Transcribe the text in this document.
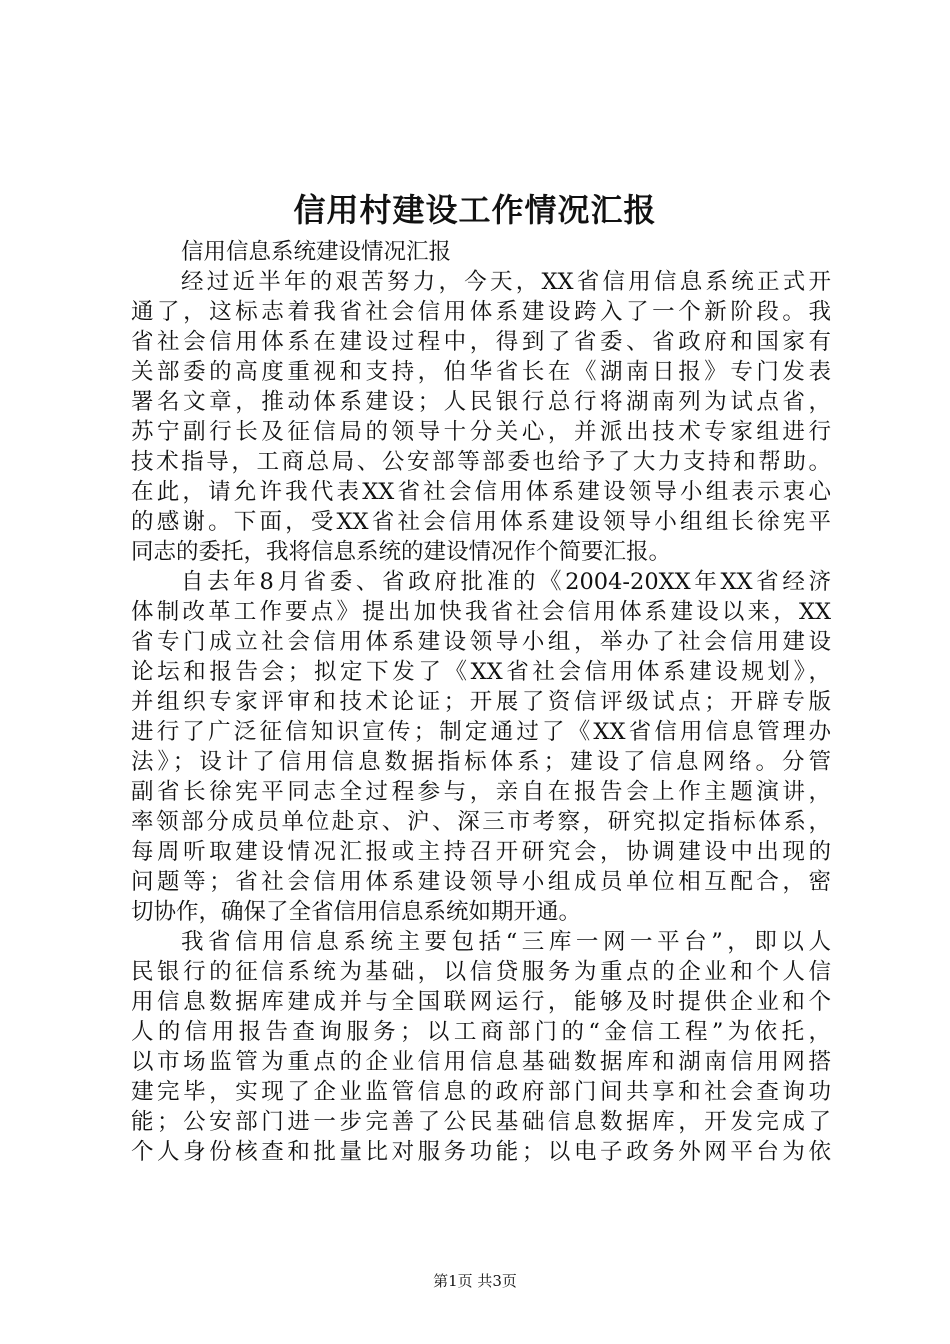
信用村建设工作情况汇报
信用信息系统建设情况汇报
经过近半年的艰苦努力，今天，XX省信用信息系统正式开
通了，这标志着我省社会信用体系建设跨入了一个新阶段。我
省社会信用体系在建设过程中，得到了省委、省政府和国家有
关部委的高度重视和支持，伯华省长在《湖南日报》专门发表
署名文章，推动体系建设；人民银行总行将湖南列为试点省，
苏宁副行长及征信局的领导十分关心，并派出技术专家组进行
技术指导，工商总局、公安部等部委也给予了大力支持和帮助。
在此，请允许我代表XX省社会信用体系建设领导小组表示衷心
的感谢。下面，受XX省社会信用体系建设领导小组组长徐宪平
同志的委托，我将信息系统的建设情况作个简要汇报。
自去年8月省委、省政府批准的《2004-20XX年XX省经济
体制改革工作要点》提出加快我省社会信用体系建设以来，XX
省专门成立社会信用体系建设领导小组，举办了社会信用建设
论坛和报告会；拟定下发了《XX省社会信用体系建设规划》，
并组织专家评审和技术论证；开展了资信评级试点；开辟专版
进行了广泛征信知识宣传；制定通过了《XX省信用信息管理办
法》；设计了信用信息数据指标体系；建设了信息网络。分管
副省长徐宪平同志全过程参与，亲自在报告会上作主题演讲，
率领部分成员单位赴京、沪、深三市考察，研究拟定指标体系，
每周听取建设情况汇报或主持召开研究会，协调建设中出现的
问题等；省社会信用体系建设领导小组成员单位相互配合，密
切协作，确保了全省信用信息系统如期开通。
我省信用信息系统主要包括“三库一网一平台”，即以人
民银行的征信系统为基础，以信贷服务为重点的企业和个人信
用信息数据库建成并与全国联网运行，能够及时提供企业和个
人的信用报告查询服务；以工商部门的“金信工程”为依托，
以市场监管为重点的企业信用信息基础数据库和湖南信用网搭
建完毕，实现了企业监管信息的政府部门间共享和社会查询功
能；公安部门进一步完善了公民基础信息数据库，开发完成了
个人身份核查和批量比对服务功能；以电子政务外网平台为依
第1页 共3页
